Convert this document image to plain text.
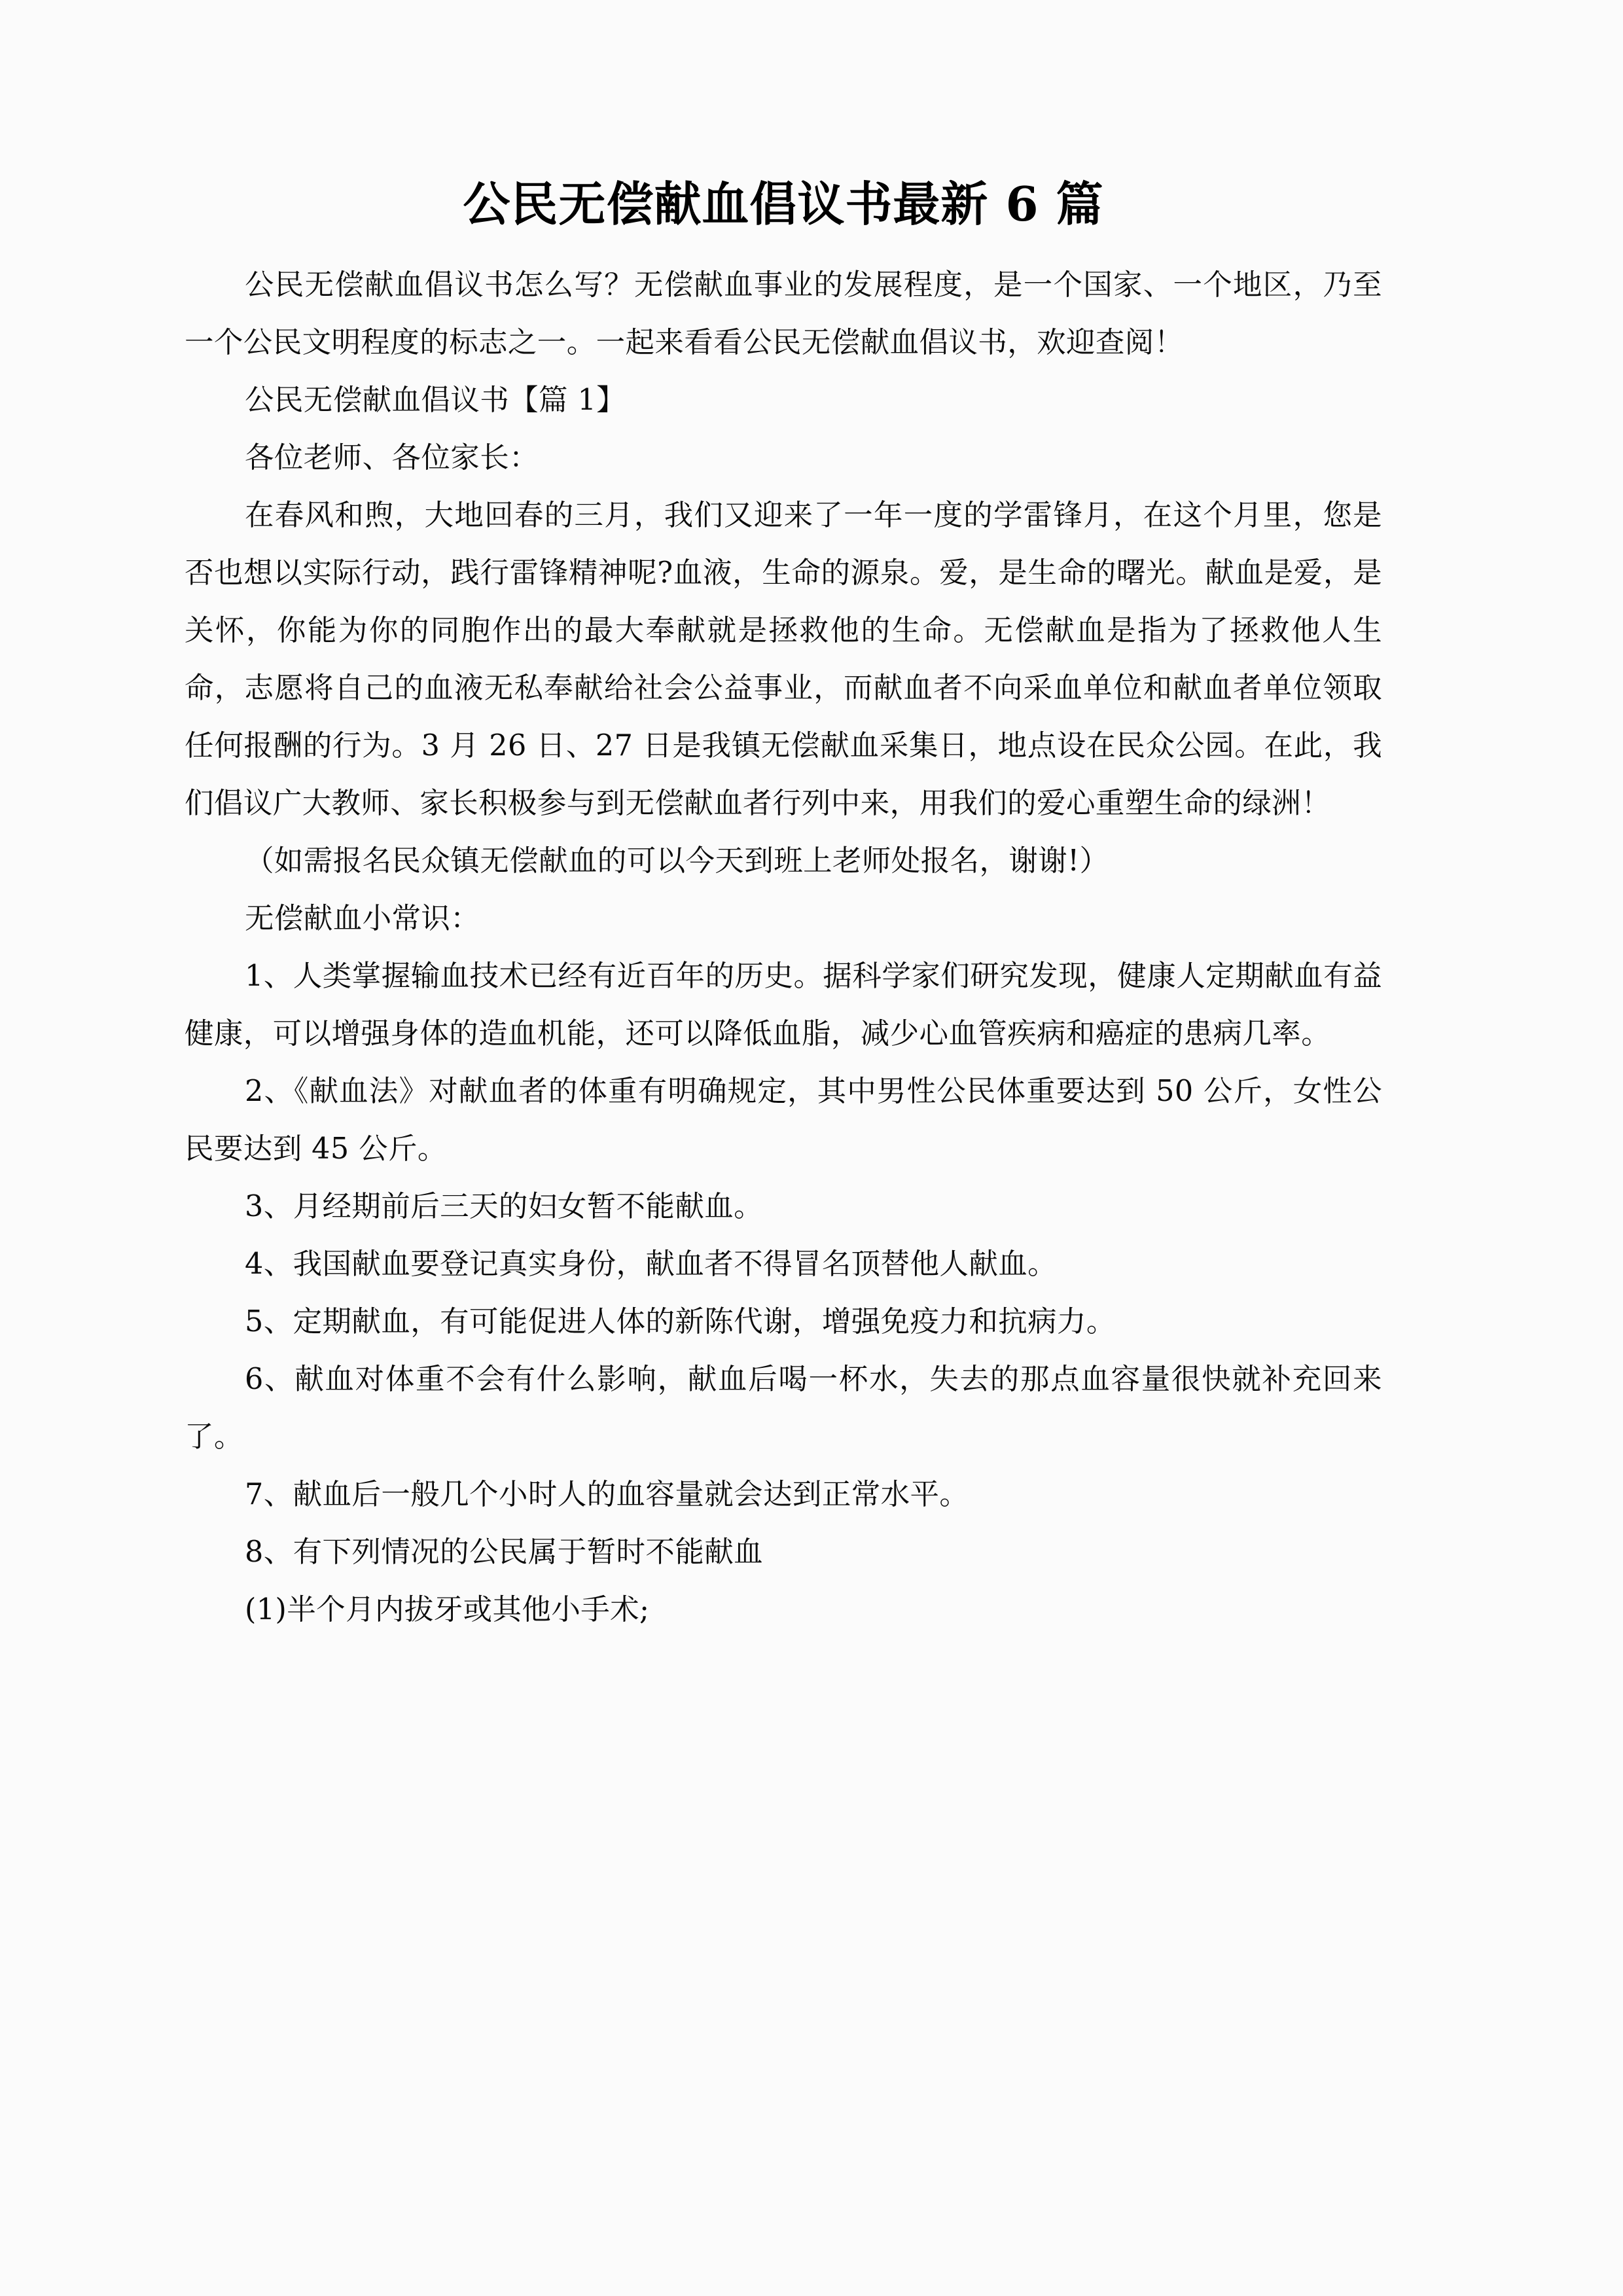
公民无偿献血倡议书最新 6 篇

公民无偿献血倡议书怎么写？无偿献血事业的发展程度，是一个国家、一个地区，乃至一个公民文明程度的标志之一。一起来看看公民无偿献血倡议书，欢迎查阅！

公民无偿献血倡议书【篇 1】

各位老师、各位家长：

在春风和煦，大地回春的三月，我们又迎来了一年一度的学雷锋月，在这个月里，您是否也想以实际行动，践行雷锋精神呢?血液，生命的源泉。爱，是生命的曙光。献血是爱，是关怀，你能为你的同胞作出的最大奉献就是拯救他的生命。无偿献血是指为了拯救他人生命，志愿将自己的血液无私奉献给社会公益事业，而献血者不向采血单位和献血者单位领取任何报酬的行为。3 月 26 日、27 日是我镇无偿献血采集日，地点设在民众公园。在此，我们倡议广大教师、家长积极参与到无偿献血者行列中来，用我们的爱心重塑生命的绿洲！

（如需报名民众镇无偿献血的可以今天到班上老师处报名，谢谢!）

无偿献血小常识：

1、人类掌握输血技术已经有近百年的历史。据科学家们研究发现，健康人定期献血有益健康，可以增强身体的造血机能，还可以降低血脂，减少心血管疾病和癌症的患病几率。

2、《献血法》对献血者的体重有明确规定，其中男性公民体重要达到 50 公斤，女性公民要达到 45 公斤。

3、月经期前后三天的妇女暂不能献血。

4、我国献血要登记真实身份，献血者不得冒名顶替他人献血。

5、定期献血，有可能促进人体的新陈代谢，增强免疫力和抗病力。

6、献血对体重不会有什么影响，献血后喝一杯水，失去的那点血容量很快就补充回来了。

7、献血后一般几个小时人的血容量就会达到正常水平。

8、有下列情况的公民属于暂时不能献血

(1)半个月内拔牙或其他小手术;
